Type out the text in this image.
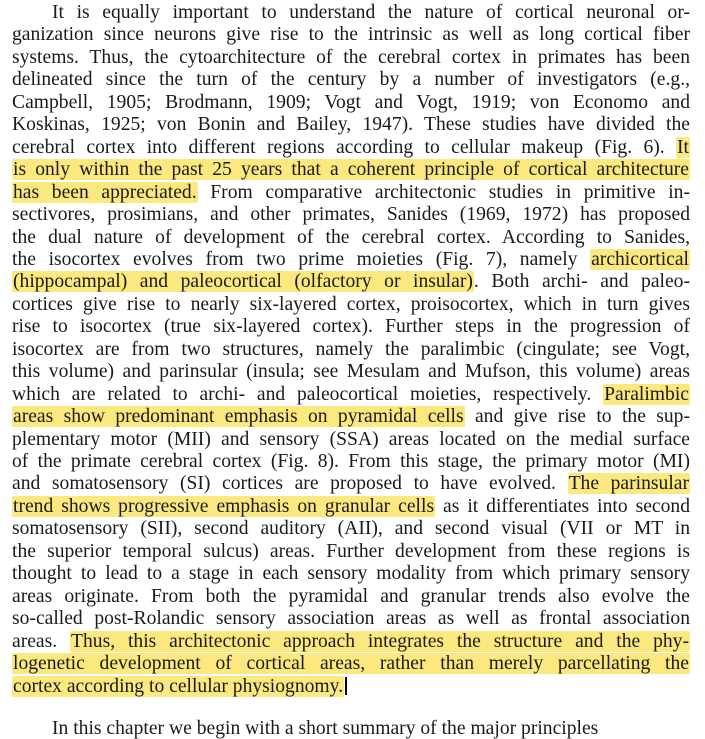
It is equally important to understand the nature of cortical neuronal or-
ganization since neurons give rise to the intrinsic as well as long cortical fiber
systems. Thus, the cytoarchitecture of the cerebral cortex in primates has been
delineated since the turn of the century by a number of investigators (e.g.,
Campbell, 1905; Brodmann, 1909; Vogt and Vogt, 1919; von Economo and
Koskinas, 1925; von Bonin and Bailey, 1947). These studies have divided the
cerebral cortex into different regions according to cellular makeup (Fig. 6). It
is only within the past 25 years that a coherent principle of cortical architecture
has been appreciated. From comparative architectonic studies in primitive in-
sectivores, prosimians, and other primates, Sanides (1969, 1972) has proposed
the dual nature of development of the cerebral cortex. According to Sanides,
the isocortex evolves from two prime moieties (Fig. 7), namely archicortical
(hippocampal) and paleocortical (olfactory or insular). Both archi- and paleo-
cortices give rise to nearly six-layered cortex, proisocortex, which in turn gives
rise to isocortex (true six-layered cortex). Further steps in the progression of
isocortex are from two structures, namely the paralimbic (cingulate; see Vogt,
this volume) and parinsular (insula; see Mesulam and Mufson, this volume) areas
which are related to archi- and paleocortical moieties, respectively. Paralimbic
areas show predominant emphasis on pyramidal cells and give rise to the sup-
plementary motor (MII) and sensory (SSA) areas located on the medial surface
of the primate cerebral cortex (Fig. 8). From this stage, the primary motor (MI)
and somatosensory (SI) cortices are proposed to have evolved. The parinsular
trend shows progressive emphasis on granular cells as it differentiates into second
somatosensory (SII), second auditory (AII), and second visual (VII or MT in
the superior temporal sulcus) areas. Further development from these regions is
thought to lead to a stage in each sensory modality from which primary sensory
areas originate. From both the pyramidal and granular trends also evolve the
so-called post-Rolandic sensory association areas as well as frontal association
areas. Thus, this architectonic approach integrates the structure and the phy-
logenetic development of cortical areas, rather than merely parcellating the
cortex according to cellular physiognomy.
In this chapter we begin with a short summary of the major principles
